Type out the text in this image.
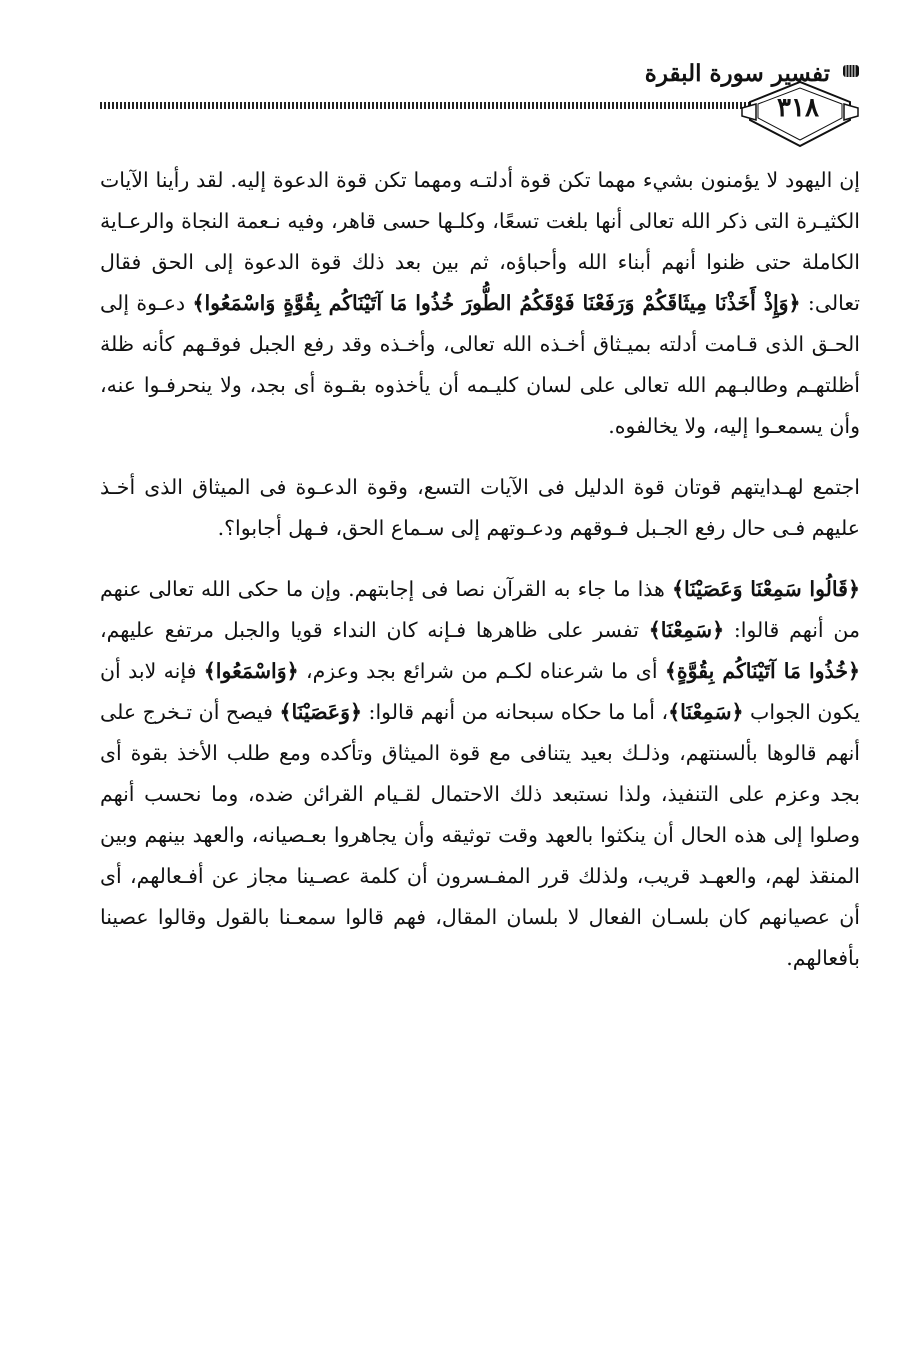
تفسير سورة البقرة
٣١٨

إن اليهود لا يؤمنون بشيء مهما تكن قوة أدلتـه ومهما تكن قوة الدعوة إليه. لقد رأينا الآيات الكثيـرة التى ذكر الله تعالى أنها بلغت تسعًا، وكلـها حسى قاهر، وفيه نـعمة النجاة والرعـاية الكاملة حتى ظنوا أنهم أبناء الله وأحباؤه، ثم بين بعد ذلك قوة الدعوة إلى الحق فقال تعالى: ﴿وَإِذْ أَخَذْنَا مِيثَاقَكُمْ وَرَفَعْنَا فَوْقَكُمُ الطُّورَ خُذُوا مَا آتَيْنَاكُم بِقُوَّةٍ وَاسْمَعُوا﴾ دعـوة إلى الحـق الذى قـامت أدلته بميـثاق أخـذه الله تعالى، وأخـذه وقد رفع الجبل فوقـهم كأنه ظلة أظلتهـم وطالبـهم الله تعالى على لسان كليـمه أن يأخذوه بقـوة أى بجد، ولا ينحرفـوا عنه، وأن يسمعـوا إليه، ولا يخالفوه.

اجتمع لهـدايتهم قوتان قوة الدليل فى الآيات التسع، وقوة الدعـوة فى الميثاق الذى أخـذ عليهم فـى حال رفع الجـبل فـوقهم ودعـوتهم إلى سـماع الحق، فـهل أجابوا؟.

﴿قَالُوا سَمِعْنَا وَعَصَيْنَا﴾ هذا ما جاء به القرآن نصا فى إجابتهم. وإن ما حكى الله تعالى عنهم من أنهم قالوا: ﴿سَمِعْنَا﴾ تفسر على ظاهرها فـإنه كان النداء قويا والجبل مرتفع عليهم، ﴿خُذُوا مَا آتَيْنَاكُم بِقُوَّةٍ﴾ أى ما شرعناه لكـم من شرائع بجد وعزم، ﴿وَاسْمَعُوا﴾ فإنه لابد أن يكون الجواب ﴿سَمِعْنَا﴾، أما ما حكاه سبحانه من أنهم قالوا: ﴿وَعَصَيْنَا﴾ فيصح أن تـخرج على أنهم قالوها بألسنتهم، وذلـك بعيد يتنافى مع قوة الميثاق وتأكده ومع طلب الأخذ بقوة أى بجد وعزم على التنفيذ، ولذا نستبعد ذلك الاحتمال لقـيام القرائن ضده، وما نحسب أنهم وصلوا إلى هذه الحال أن ينكثوا بالعهد وقت توثيقه وأن يجاهروا بعـصيانه، والعهد بينهم وبين المنقذ لهم، والعهـد قريب، ولذلك قرر المفـسرون أن كلمة عصـينا مجاز عن أفـعالهم، أى أن عصيانهم كان بلسـان الفعال لا بلسان المقال، فهم قالوا سمعـنا بالقول وقالوا عصينا بأفعالهم.
